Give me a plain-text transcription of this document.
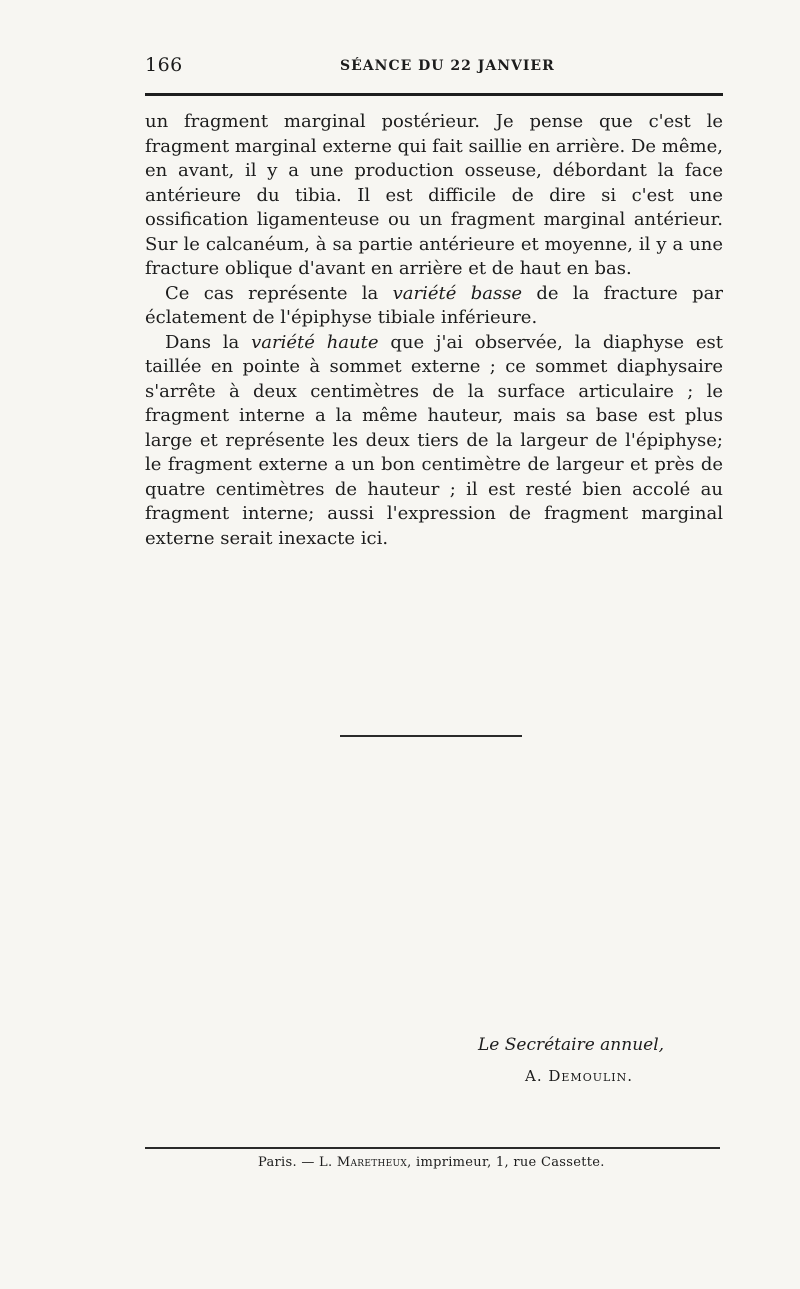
166	SÉANCE DU 22 JANVIER

un fragment marginal postérieur. Je pense que c'est le fragment marginal externe qui fait saillie en arrière. De même, en avant, il y a une production osseuse, débordant la face antérieure du tibia. Il est difficile de dire si c'est une ossification ligamenteuse ou un fragment marginal antérieur. Sur le calcanéum, à sa partie antérieure et moyenne, il y a une fracture oblique d'avant en arrière et de haut en bas.

Ce cas représente la variété basse de la fracture par éclatement de l'épiphyse tibiale inférieure.

Dans la variété haute que j'ai observée, la diaphyse est taillée en pointe à sommet externe ; ce sommet diaphysaire s'arrête à deux centimètres de la surface articulaire ; le fragment interne a la même hauteur, mais sa base est plus large et représente les deux tiers de la largeur de l'épiphyse; le fragment externe a un bon centimètre de largeur et près de quatre centimètres de hauteur ; il est resté bien accolé au fragment interne; aussi l'expression de fragment marginal externe serait inexacte ici.

Le Secrétaire annuel,
A. Demoulin.
Paris. — L. Maretheux, imprimeur, 1, rue Cassette.
